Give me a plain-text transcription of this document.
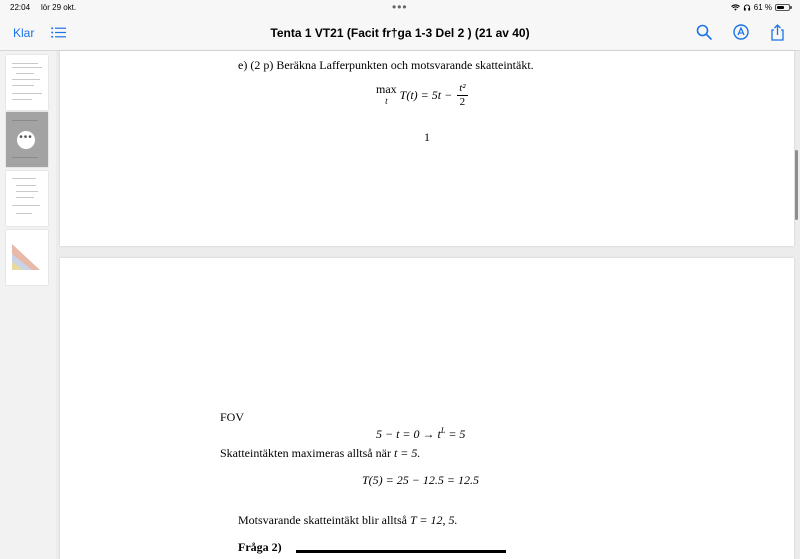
22:04 lör 29 okt.	•••	61 %
Klar	Tenta 1 VT21 (Facit fr†ga 1-3 Del 2 ) (21 av 40)
•••
e) (2 p) Beräkna Lafferpunkten och motsvarande skatteintäkt.
max
t $T(t) = 5t - \frac{\text{t²}}{2}$
1
FOV
$5 - t = 0 \to t^L = 5$
Skatteintäkten maximeras alltså när t = 5.
T(5) = 25 − 12.5 = 12.5
Motsvarande skatteintäkt blir alltså T = 12, 5.
Fråga 2)
